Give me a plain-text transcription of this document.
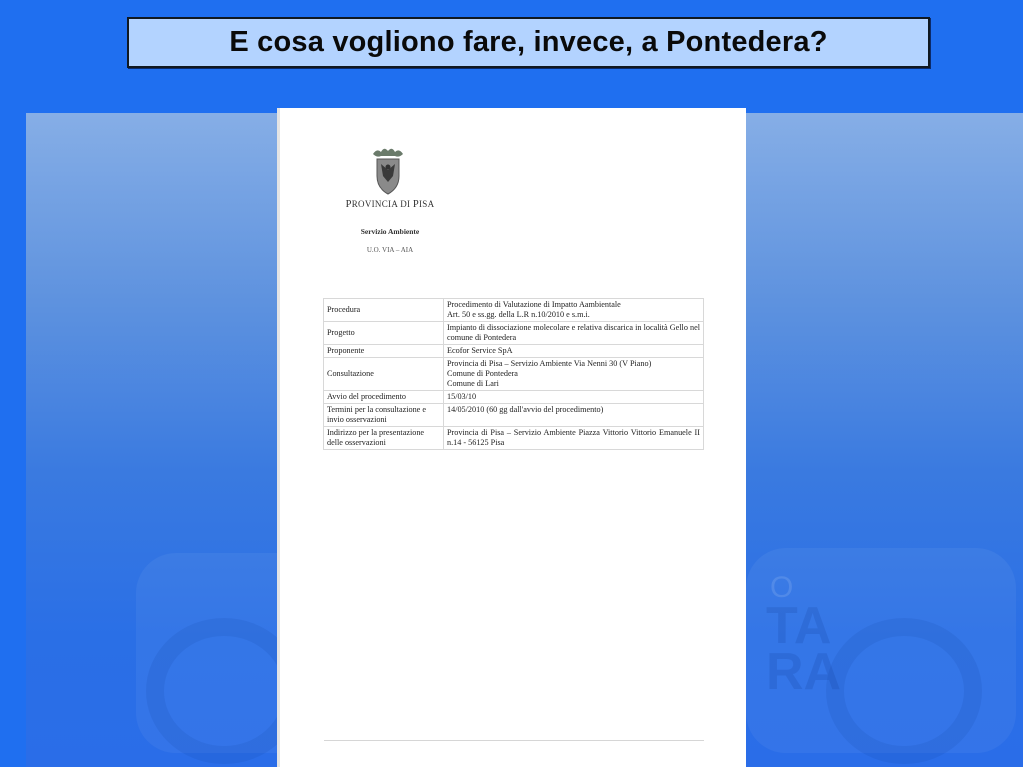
O
TA
RA
E cosa vogliono fare, invece, a Pontedera?
PROVINCIA DI PISA
Servizio Ambiente
U.O. VIA – AIA
Procedura	Procedimento di Valutazione di Impatto Aambientale
Art. 50 e ss.gg. della L.R n.10/2010 e s.m.i.
Progetto	Impianto di dissociazione molecolare e relativa discarica in località Gello nel comune di Pontedera
Proponente	Ecofor Service SpA
Consultazione	Provincia di Pisa – Servizio Ambiente Via Nenni 30 (V Piano)
Comune di Pontedera
Comune di Lari
Avvio del procedimento	15/03/10
Termini per la consultazione e invio osservazioni	14/05/2010 (60 gg dall'avvio del procedimento)
Indirizzo per la presentazione delle osservazioni	Provincia di Pisa – Servizio Ambiente Piazza Vittorio Vittorio Emanuele II n.14 - 56125 Pisa
